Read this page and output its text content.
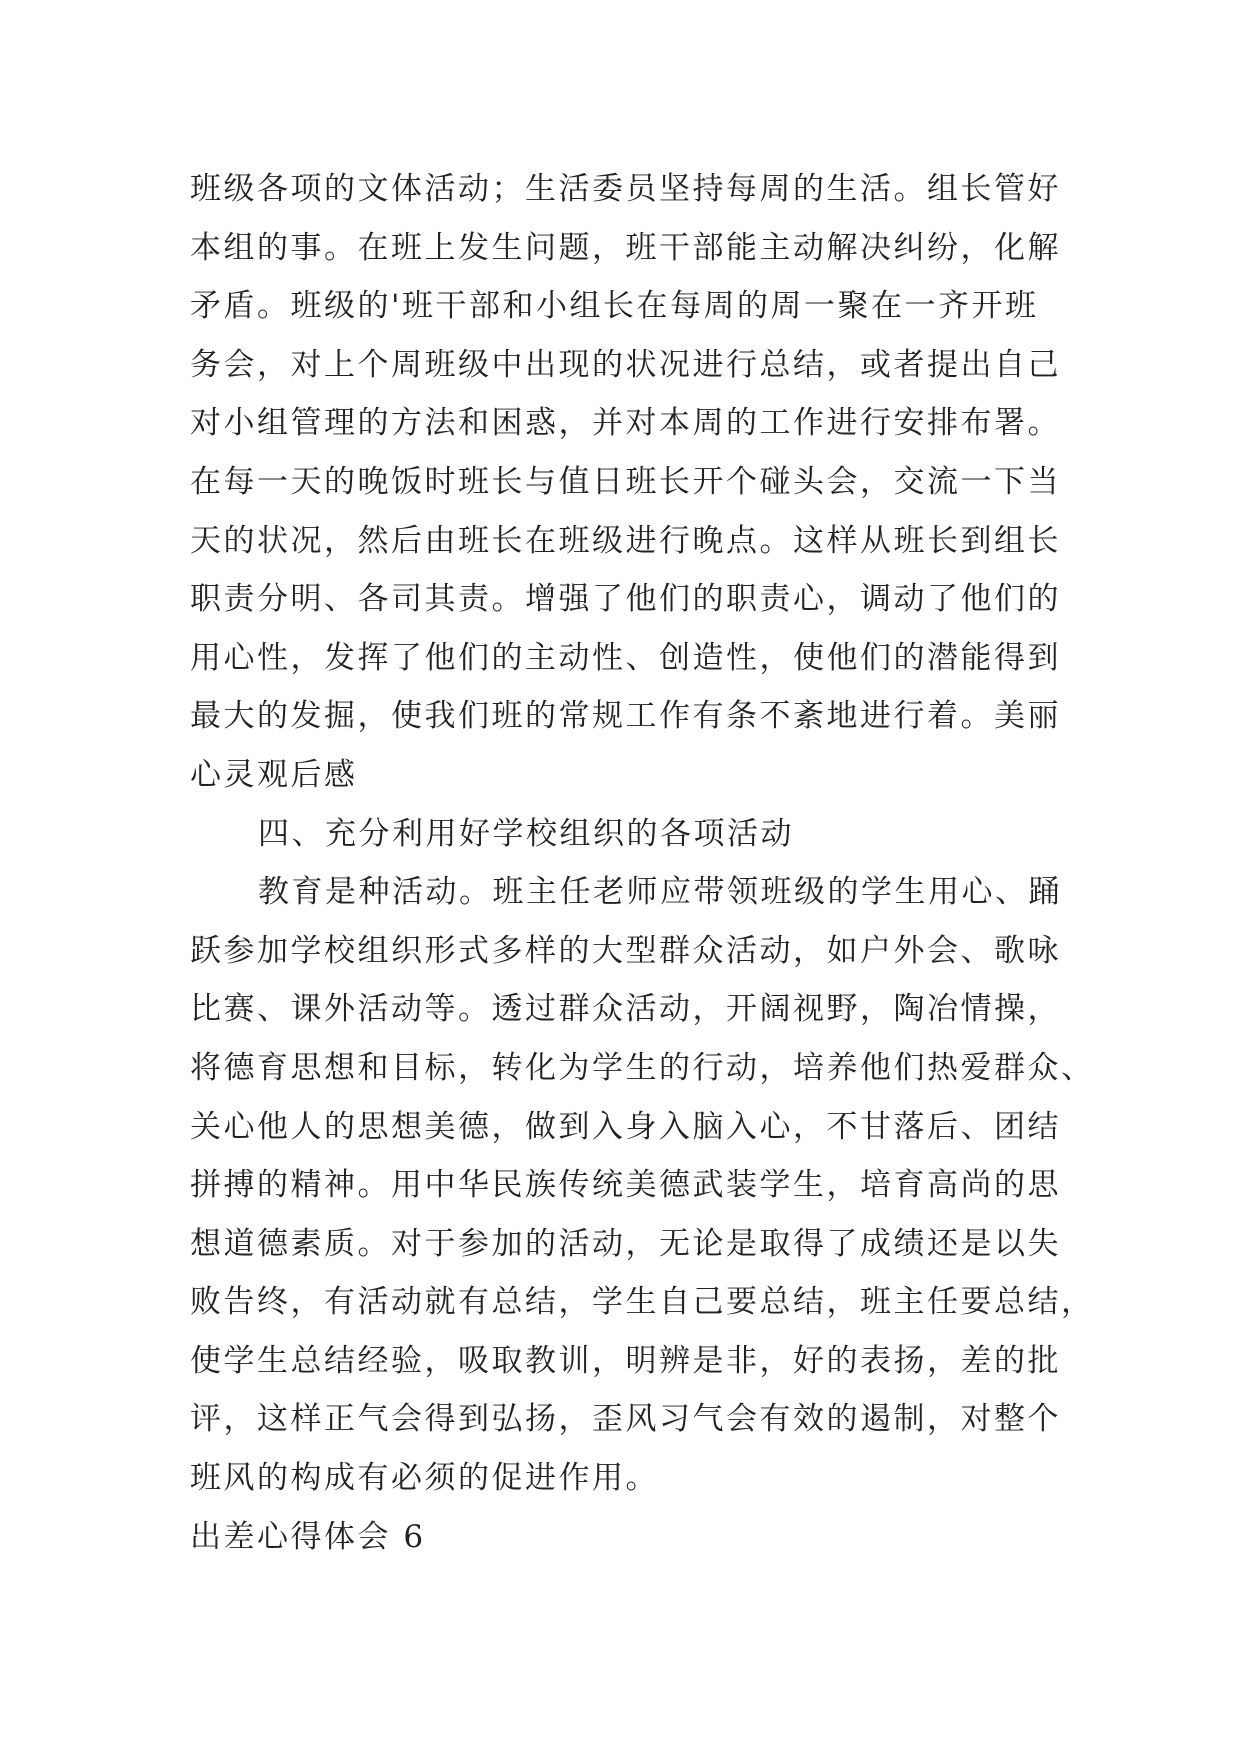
班级各项的文体活动；生活委员坚持每周的生活。组长管好
本组的事。在班上发生问题，班干部能主动解决纠纷，化解
矛盾。班级的'班干部和小组长在每周的周一聚在一齐开班
务会，对上个周班级中出现的状况进行总结，或者提出自己
对小组管理的方法和困惑，并对本周的工作进行安排布署。
在每一天的晚饭时班长与值日班长开个碰头会，交流一下当
天的状况，然后由班长在班级进行晚点。这样从班长到组长
职责分明、各司其责。增强了他们的职责心，调动了他们的
用心性，发挥了他们的主动性、创造性，使他们的潜能得到
最大的发掘，使我们班的常规工作有条不紊地进行着。美丽
心灵观后感
四、充分利用好学校组织的各项活动
教育是种活动。班主任老师应带领班级的学生用心、踊
跃参加学校组织形式多样的大型群众活动，如户外会、歌咏
比赛、课外活动等。透过群众活动，开阔视野，陶冶情操，
将德育思想和目标，转化为学生的行动，培养他们热爱群众、
关心他人的思想美德，做到入身入脑入心，不甘落后、团结
拼搏的精神。用中华民族传统美德武装学生，培育高尚的思
想道德素质。对于参加的活动，无论是取得了成绩还是以失
败告终，有活动就有总结，学生自己要总结，班主任要总结，
使学生总结经验，吸取教训，明辨是非，好的表扬，差的批
评，这样正气会得到弘扬，歪风习气会有效的遏制，对整个
班风的构成有必须的促进作用。
出差心得体会 6
